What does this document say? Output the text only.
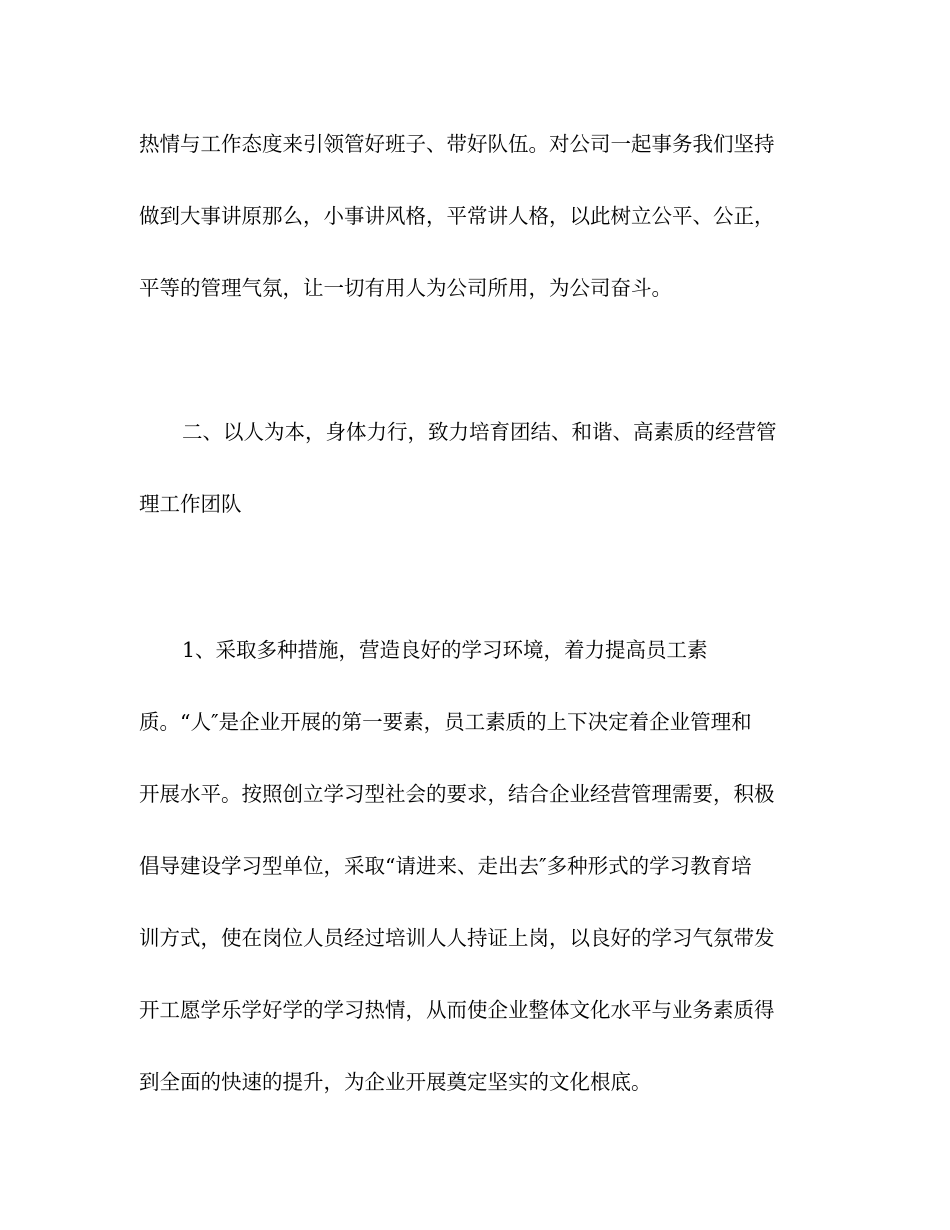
热情与工作态度来引领管好班子、带好队伍。对公司一起事务我们坚持
做到大事讲原那么，小事讲风格，平常讲人格，以此树立公平、公正，
平等的管理气氛，让一切有用人为公司所用，为公司奋斗。
二、以人为本，身体力行，致力培育团结、和谐、高素质的经营管
理工作团队
1、采取多种措施，营造良好的学习环境，着力提高员工素
质。“人″是企业开展的第一要素，员工素质的上下决定着企业管理和
开展水平。按照创立学习型社会的要求，结合企业经营管理需要，积极
倡导建设学习型单位，采取“请进来、走出去″多种形式的学习教育培
训方式，使在岗位人员经过培训人人持证上岗，以良好的学习气氛带发
开工愿学乐学好学的学习热情，从而使企业整体文化水平与业务素质得
到全面的快速的提升，为企业开展奠定坚实的文化根底。
